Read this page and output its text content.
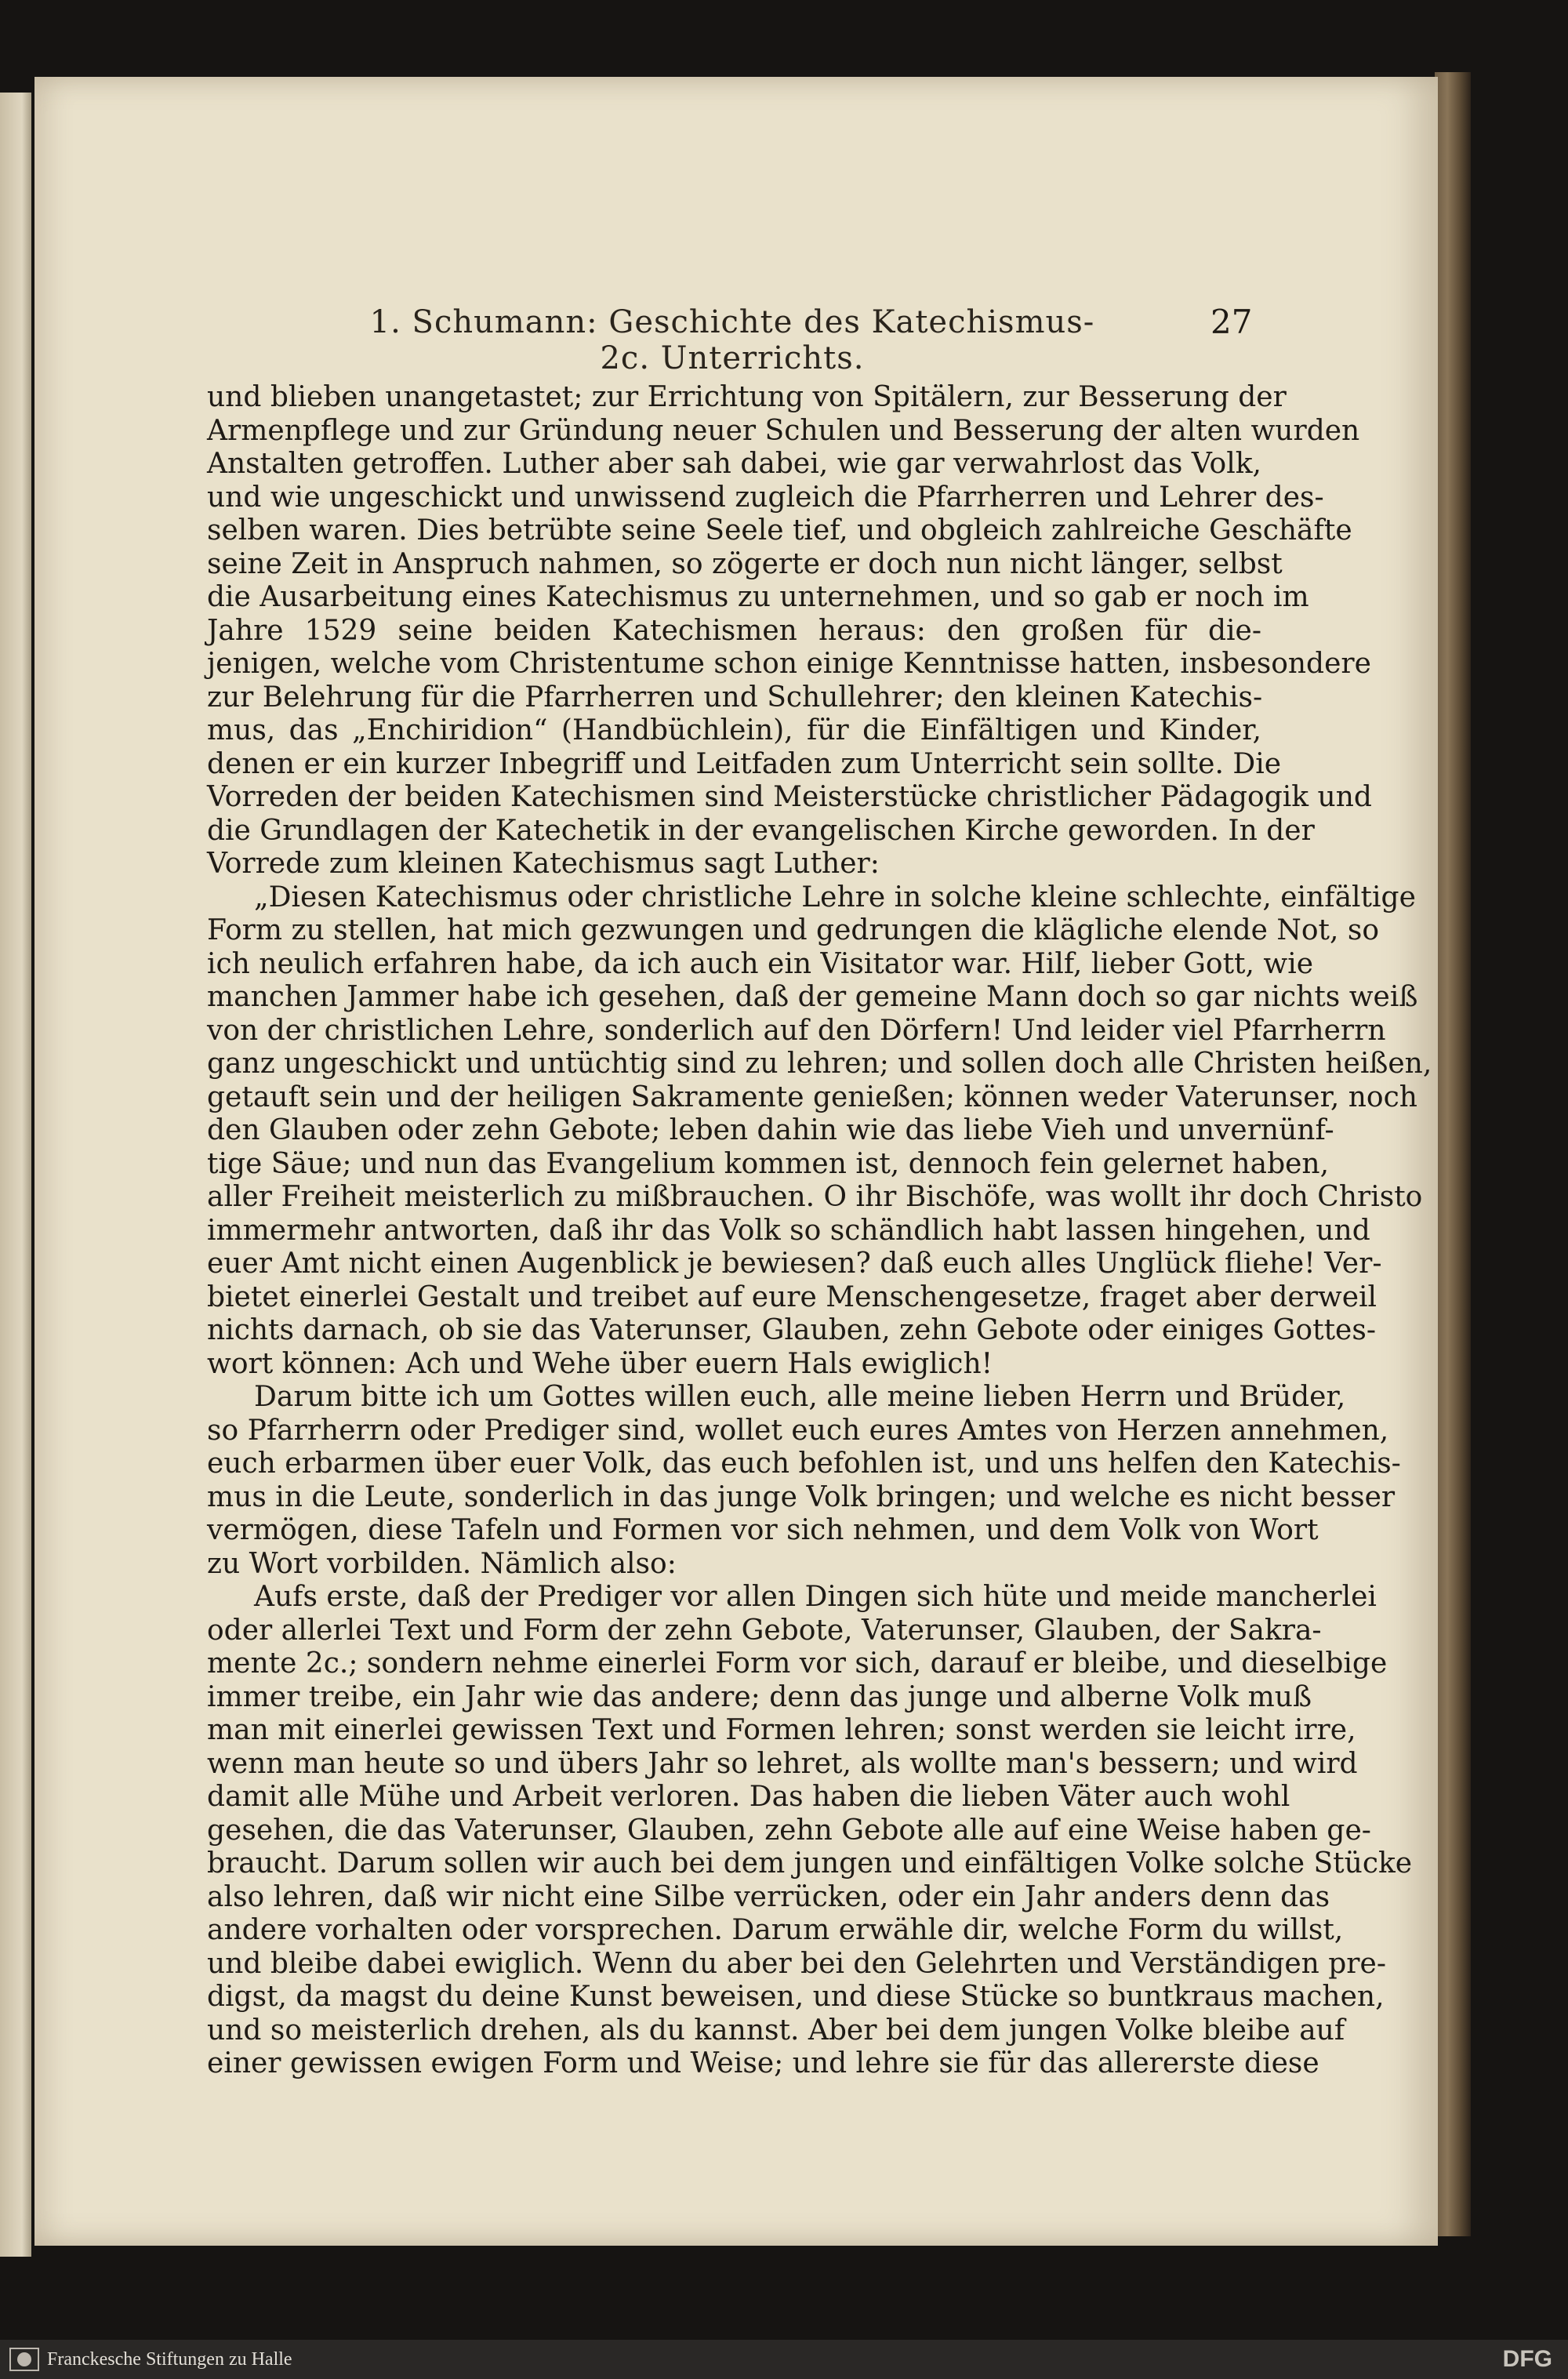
1. Schumann: Geschichte des Katechismus- 2c. Unterrichts.
27
und blieben unangetastet; zur Errichtung von Spitälern, zur Besserung der
Armenpflege und zur Gründung neuer Schulen und Besserung der alten wurden
Anstalten getroffen. Luther aber sah dabei, wie gar verwahrlost das Volk,
und wie ungeschickt und unwissend zugleich die Pfarrherren und Lehrer des-
selben waren. Dies betrübte seine Seele tief, und obgleich zahlreiche Geschäfte
seine Zeit in Anspruch nahmen, so zögerte er doch nun nicht länger, selbst
die Ausarbeitung eines Katechismus zu unternehmen, und so gab er noch im
Jahre 1529 seine beiden Katechismen heraus: den großen für die-
jenigen, welche vom Christentume schon einige Kenntnisse hatten, insbesondere
zur Belehrung für die Pfarrherren und Schullehrer; den kleinen Katechis-
mus, das „Enchiridion“ (Handbüchlein), für die Einfältigen und Kinder,
denen er ein kurzer Inbegriff und Leitfaden zum Unterricht sein sollte. Die
Vorreden der beiden Katechismen sind Meisterstücke christlicher Pädagogik und
die Grundlagen der Katechetik in der evangelischen Kirche geworden. In der
Vorrede zum kleinen Katechismus sagt Luther:
„Diesen Katechismus oder christliche Lehre in solche kleine schlechte, einfältige
Form zu stellen, hat mich gezwungen und gedrungen die klägliche elende Not, so
ich neulich erfahren habe, da ich auch ein Visitator war. Hilf, lieber Gott, wie
manchen Jammer habe ich gesehen, daß der gemeine Mann doch so gar nichts weiß
von der christlichen Lehre, sonderlich auf den Dörfern! Und leider viel Pfarrherrn
ganz ungeschickt und untüchtig sind zu lehren; und sollen doch alle Christen heißen,
getauft sein und der heiligen Sakramente genießen; können weder Vaterunser, noch
den Glauben oder zehn Gebote; leben dahin wie das liebe Vieh und unvernünf-
tige Säue; und nun das Evangelium kommen ist, dennoch fein gelernet haben,
aller Freiheit meisterlich zu mißbrauchen. O ihr Bischöfe, was wollt ihr doch Christo
immermehr antworten, daß ihr das Volk so schändlich habt lassen hingehen, und
euer Amt nicht einen Augenblick je bewiesen? daß euch alles Unglück fliehe! Ver-
bietet einerlei Gestalt und treibet auf eure Menschengesetze, fraget aber derweil
nichts darnach, ob sie das Vaterunser, Glauben, zehn Gebote oder einiges Gottes-
wort können: Ach und Wehe über euern Hals ewiglich!
Darum bitte ich um Gottes willen euch, alle meine lieben Herrn und Brüder,
so Pfarrherrn oder Prediger sind, wollet euch eures Amtes von Herzen annehmen,
euch erbarmen über euer Volk, das euch befohlen ist, und uns helfen den Katechis-
mus in die Leute, sonderlich in das junge Volk bringen; und welche es nicht besser
vermögen, diese Tafeln und Formen vor sich nehmen, und dem Volk von Wort
zu Wort vorbilden. Nämlich also:
Aufs erste, daß der Prediger vor allen Dingen sich hüte und meide mancherlei
oder allerlei Text und Form der zehn Gebote, Vaterunser, Glauben, der Sakra-
mente 2c.; sondern nehme einerlei Form vor sich, darauf er bleibe, und dieselbige
immer treibe, ein Jahr wie das andere; denn das junge und alberne Volk muß
man mit einerlei gewissen Text und Formen lehren; sonst werden sie leicht irre,
wenn man heute so und übers Jahr so lehret, als wollte man's bessern; und wird
damit alle Mühe und Arbeit verloren. Das haben die lieben Väter auch wohl
gesehen, die das Vaterunser, Glauben, zehn Gebote alle auf eine Weise haben ge-
braucht. Darum sollen wir auch bei dem jungen und einfältigen Volke solche Stücke
also lehren, daß wir nicht eine Silbe verrücken, oder ein Jahr anders denn das
andere vorhalten oder vorsprechen. Darum erwähle dir, welche Form du willst,
und bleibe dabei ewiglich. Wenn du aber bei den Gelehrten und Verständigen pre-
digst, da magst du deine Kunst beweisen, und diese Stücke so buntkraus machen,
und so meisterlich drehen, als du kannst. Aber bei dem jungen Volke bleibe auf
einer gewissen ewigen Form und Weise; und lehre sie für das allererste diese
Franckesche Stiftungen zu Halle	DFG
